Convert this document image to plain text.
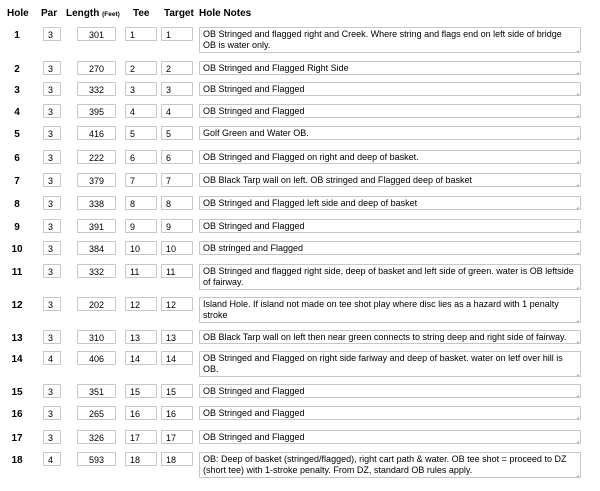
Hole Par Length (Feet) Tee Target Hole Notes
1	3	301	1	1	OB Stringed and flagged right and Creek. Where string and flags end on left side of bridge OB is water only.
2	3	270	2	2	OB Stringed and Flagged Right Side
3	3	332	3	3	OB Stringed and Flagged
4	3	395	4	4	OB Stringed and Flagged
5	3	416	5	5	Golf Green and Water OB.
6	3	222	6	6	OB Stringed and Flagged on right and deep of basket.
7	3	379	7	7	OB Black Tarp wall on left. OB stringed and Flagged deep of basket
8	3	338	8	8	OB Stringed and Flagged left side and deep of basket
9	3	391	9	9	OB Stringed and Flagged
10	3	384	10	10	OB stringed and Flagged
11	3	332	11	11	OB Stringed and flagged right side, deep of basket and left side of green. water is OB leftside of fairway.
12	3	202	12	12	Island Hole. If island not made on tee shot play where disc lies as a hazard with 1 penalty stroke
13	3	310	13	13	OB Black Tarp wall on left then near green connects to string deep and right side of fairway.
14	4	406	14	14	OB Stringed and Flagged on right side fariway and deep of basket. water on letf over hill is OB.
15	3	351	15	15	OB Stringed and Flagged
16	3	265	16	16	OB Stringed and Flagged
17	3	326	17	17	OB Stringed and Flagged
18	4	593	18	18	OB: Deep of basket (stringed/flagged), right cart path & water. OB tee shot = proceed to DZ (short tee) with 1-stroke penalty. From DZ, standard OB rules apply.
